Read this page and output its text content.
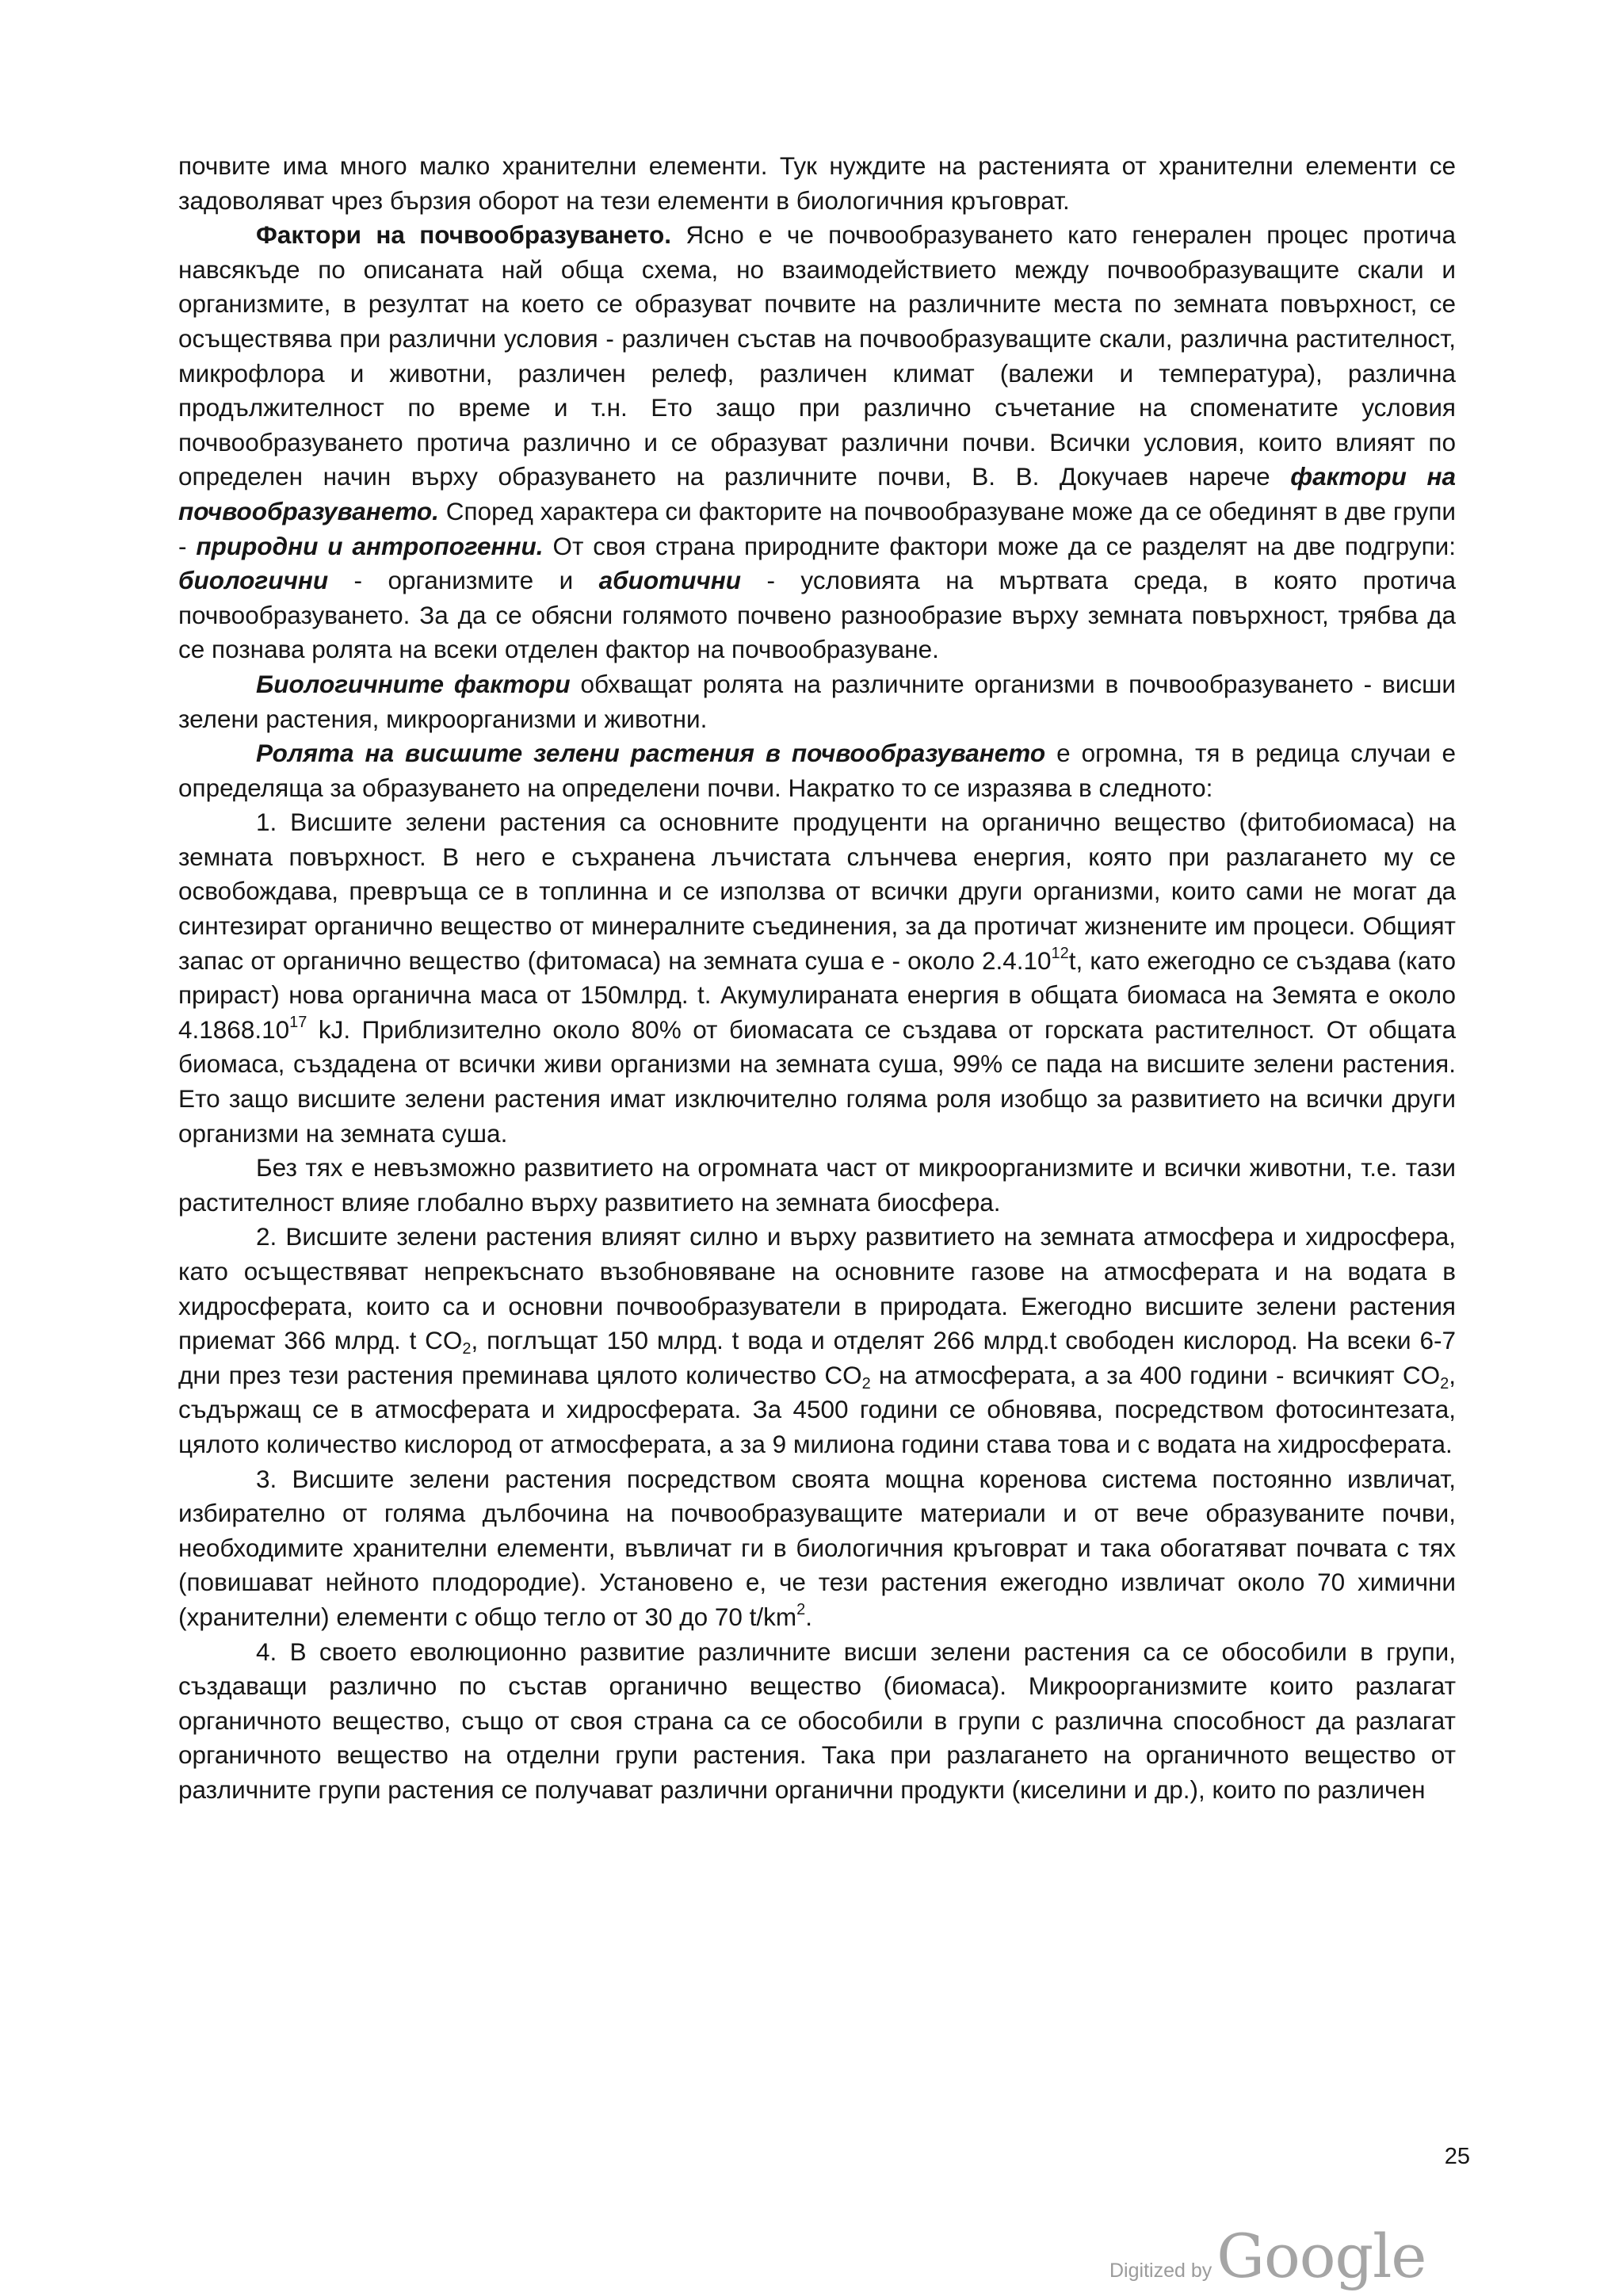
почвите има много малко хранителни елементи. Тук нуждите на растенията от хранителни елементи се задоволяват чрез бързия оборот на тези елементи в биологичния кръговрат.

Фактори на почвообразуването. Ясно е че почвообразуването като генерален процес протича навсякъде по описаната най обща схема, но взаимодействието между почвообразуващите скали и организмите, в резултат на което се образуват почвите на различните места по земната повърхност, се осъществява при различни условия - различен състав на почвообразуващите скали, различна растителност, микрофлора и животни, различен релеф, различен климат (валежи и температура), различна продължителност по време и т.н. Ето защо при различно съчетание на споменатите условия почвообразуването протича различно и се образуват различни почви. Всички условия, които влияят по определен начин върху образуването на различните почви, В. В. Докучаев нарече фактори на почвообразуването. Според характера си факторите на почвообразуване може да се обединят в две групи - природни и антропогенни. От своя страна природните фактори може да се разделят на две подгрупи: биологични - организмите и абиотични - условията на мъртвата среда, в която протича почвообразуването. За да се обясни голямото почвено разнообразие върху земната повърхност, трябва да се познава ролята на всеки отделен фактор на почвообразуване.

Биологичните фактори обхващат ролята на различните организми в почвообразуването - висши зелени растения, микроорганизми и животни.

Ролята на висшите зелени растения в почвообразуването е огромна, тя в редица случаи е определяща за образуването на определени почви. Накратко то се изразява в следното:

1. Висшите зелени растения са основните продуценти на органично вещество (фитобиомаса) на земната повърхност. В него е съхранена лъчистата слънчева енергия, която при разлагането му се освобождава, превръща се в топлинна и се използва от всички други организми, които сами не могат да синтезират органично вещество от минералните съединения, за да протичат жизнените им процеси. Общият запас от органично вещество (фитомаса) на земната суша е - около 2.4.10$^{12}$t, като ежегодно се създава (като прираст) нова органична маса от 150млрд. t. Акумулираната енергия в общата биомаса на Земята е около 4.1868.10$^{17}$ kJ. Приблизително около 80% от биомасата се създава от горската растителност. От общата биомаса, създадена от всички живи организми на земната суша, 99% се пада на висшите зелени растения. Ето защо висшите зелени растения имат изключително голяма роля изобщо за развитието на всички други организми на земната суша.

Без тях е невъзможно развитието на огромната част от микроорганизмите и всички животни, т.е. тази растителност влияе глобално върху развитието на земната биосфера.

2. Висшите зелени растения влияят силно и върху развитието на земната атмосфера и хидросфера, като осъществяват непрекъснато възобновяване на основните газове на атмосферата и на водата в хидросферата, които са и основни почвообразуватели в природата. Ежегодно висшите зелени растения приемат 366 млрд. t $CO_2$, поглъщат 150 млрд. t вода и отделят 266 млрд.t свободен кислород. На всеки 6-7 дни през тези растения преминава цялото количество $CO_2$ на атмосферата, а за 400 години - всичкият $CO_2$, съдържащ се в атмосферата и хидросферата. За 4500 години се обновява, посредством фотосинтезата, цялото количество кислород от атмосферата, а за 9 милиона години става това и с водата на хидросферата.

3. Висшите зелени растения посредством своята мощна коренова система постоянно извличат, избирателно от голяма дълбочина на почвообразуващите материали и от вече образуваните почви, необходимите хранителни елементи, въвличат ги в биологичния кръговрат и така обогатяват почвата с тях (повишават нейното плодородие). Установено е, че тези растения ежегодно извличат около 70 химични (хранителни) елементи с общо тегло от 30 до 70 $t/km^2$.

4. В своето еволюционно развитие различните висши зелени растения са се обособили в групи, създаващи различно по състав органично вещество (биомаса). Микроорганизмите които разлагат органичното вещество, също от своя страна са се обособили в групи с различна способност да разлагат органичното вещество на отделни групи растения. Така при разлагането на органичното вещество от различните групи растения се получават различни органични продукти (киселини и др.), които по различен

25
Digitized by Google
